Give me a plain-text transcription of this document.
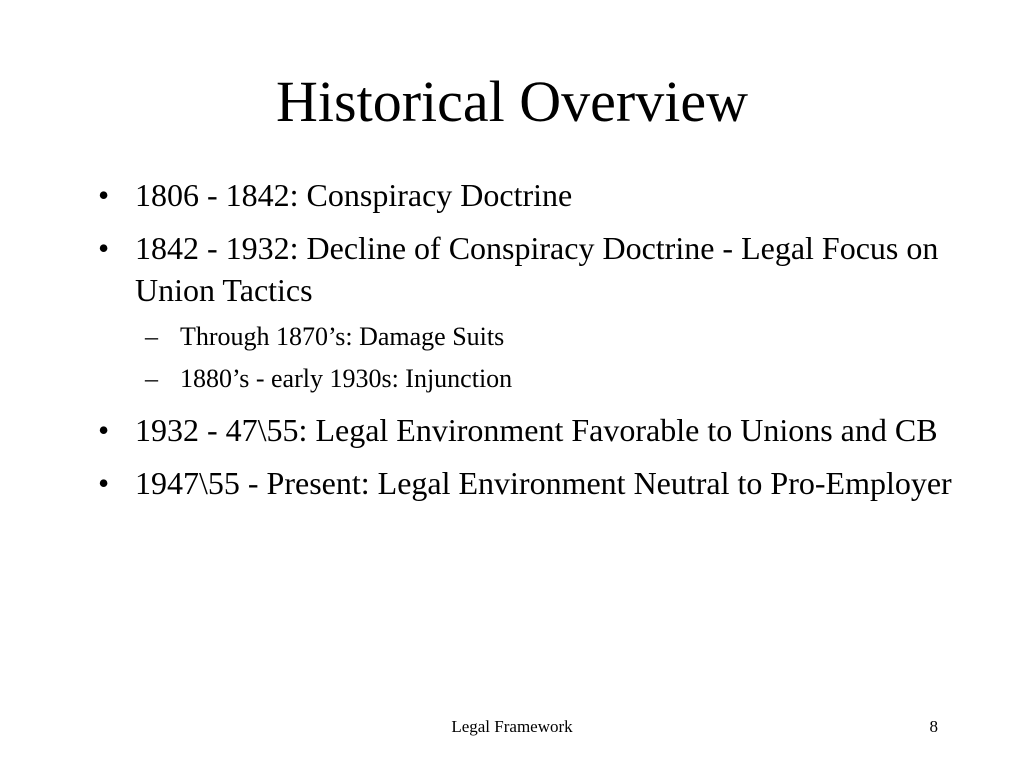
Historical Overview
• 1806 - 1842: Conspiracy Doctrine
• 1842 - 1932: Decline of Conspiracy Doctrine - Legal Focus on Union Tactics
– Through 1870’s: Damage Suits
– 1880’s - early 1930s: Injunction
• 1932 - 47\55: Legal Environment Favorable to Unions and CB
• 1947\55 - Present: Legal Environment Neutral to Pro-Employer
Legal Framework	8
